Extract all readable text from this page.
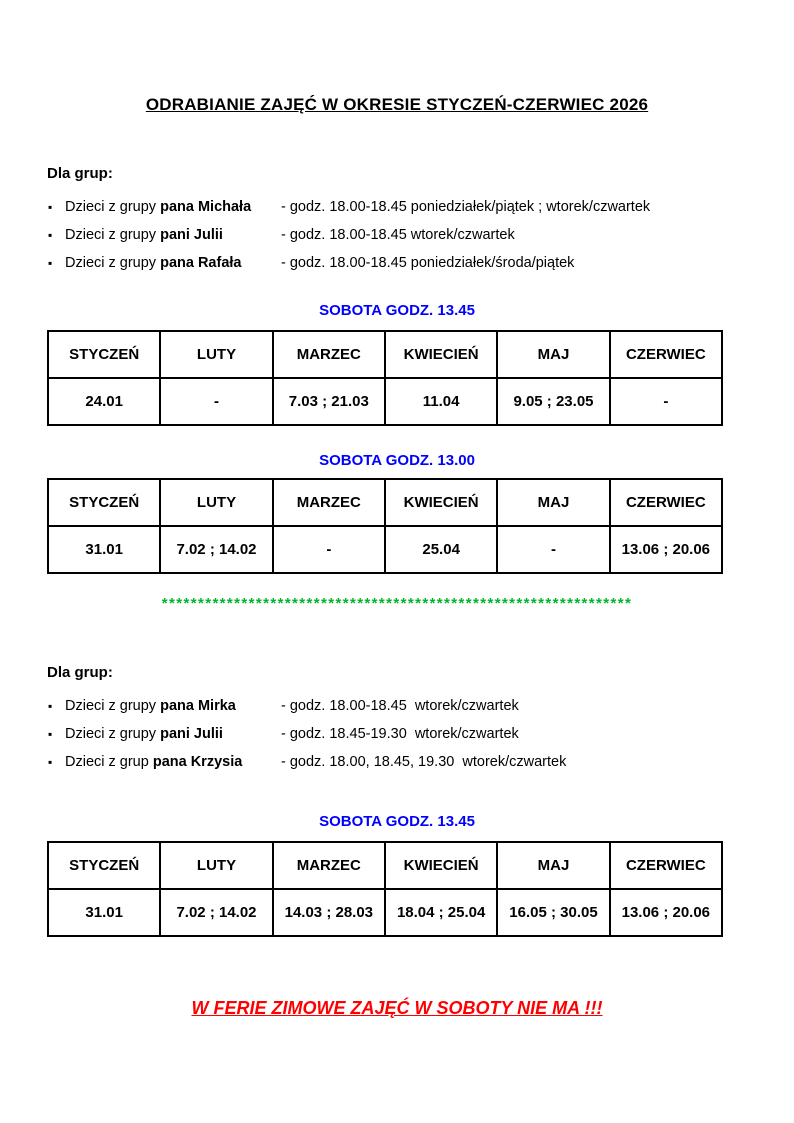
ODRABIANIE ZAJĘĆ W OKRESIE STYCZEŃ-CZERWIEC 2026
Dla grup:
▪ Dzieci z grupy pana Michała	- godz. 18.00-18.45 poniedziałek/piątek ; wtorek/czwartek
▪ Dzieci z grupy pani Julii	- godz. 18.00-18.45 wtorek/czwartek
▪ Dzieci z grupy pana Rafała	- godz. 18.00-18.45 poniedziałek/środa/piątek
SOBOTA GODZ. 13.45
STYCZEŃ	LUTY	MARZEC	KWIECIEŃ	MAJ	CZERWIEC
24.01	-	7.03 ; 21.03	11.04	9.05 ; 23.05	-
SOBOTA GODZ. 13.00
STYCZEŃ	LUTY	MARZEC	KWIECIEŃ	MAJ	CZERWIEC
31.01	7.02 ; 14.02	-	25.04	-	13.06 ; 20.06
*****************************************************************
Dla grup:
▪ Dzieci z grupy pana Mirka	- godz. 18.00-18.45  wtorek/czwartek
▪ Dzieci z grupy pani Julii	- godz. 18.45-19.30  wtorek/czwartek
▪ Dzieci z grup pana Krzysia	- godz. 18.00, 18.45, 19.30  wtorek/czwartek
SOBOTA GODZ. 13.45
STYCZEŃ	LUTY	MARZEC	KWIECIEŃ	MAJ	CZERWIEC
31.01	7.02 ; 14.02	14.03 ; 28.03	18.04 ; 25.04	16.05 ; 30.05	13.06 ; 20.06
W FERIE ZIMOWE ZAJĘĆ W SOBOTY NIE MA !!!
